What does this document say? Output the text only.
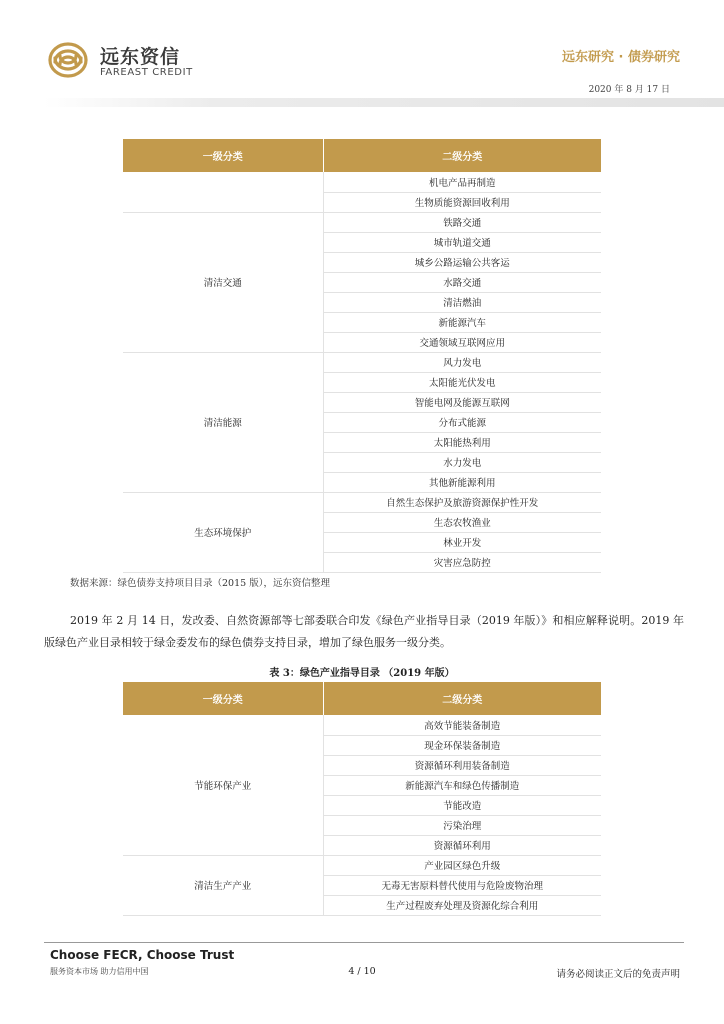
远东资信
FAREAST CREDIT
远东研究 · 债券研究
2020 年 8 月 17 日
一级分类	二级分类
	机电产品再制造
	生物质能资源回收利用
清洁交通	铁路交通
	城市轨道交通
	城乡公路运输公共客运
	水路交通
	清洁燃油
	新能源汽车
	交通领域互联网应用
清洁能源	风力发电
	太阳能光伏发电
	智能电网及能源互联网
	分布式能源
	太阳能热利用
	水力发电
	其他新能源利用
生态环境保护	自然生态保护及旅游资源保护性开发
	生态农牧渔业
	林业开发
	灾害应急防控
数据来源：绿色债券支持项目目录（2015 版），远东资信整理
2019 年 2 月 14 日，发改委、自然资源部等七部委联合印发《绿色产业指导目录（2019 年版）》和相应解释说明。2019 年版绿色产业目录相较于绿金委发布的绿色债券支持目录，增加了绿色服务一级分类。
表 3：绿色产业指导目录 （2019 年版）
一级分类	二级分类
节能环保产业	高效节能装备制造
	现金环保装备制造
	资源循环利用装备制造
	新能源汽车和绿色传播制造
	节能改造
	污染治理
	资源循环利用
清洁生产产业	产业园区绿色升级
	无毒无害原料替代使用与危险废物治理
	生产过程废弃处理及资源化综合利用
Choose FECR, Choose Trust
服务资本市场 助力信用中国	4 / 10	请务必阅读正文后的免责声明
